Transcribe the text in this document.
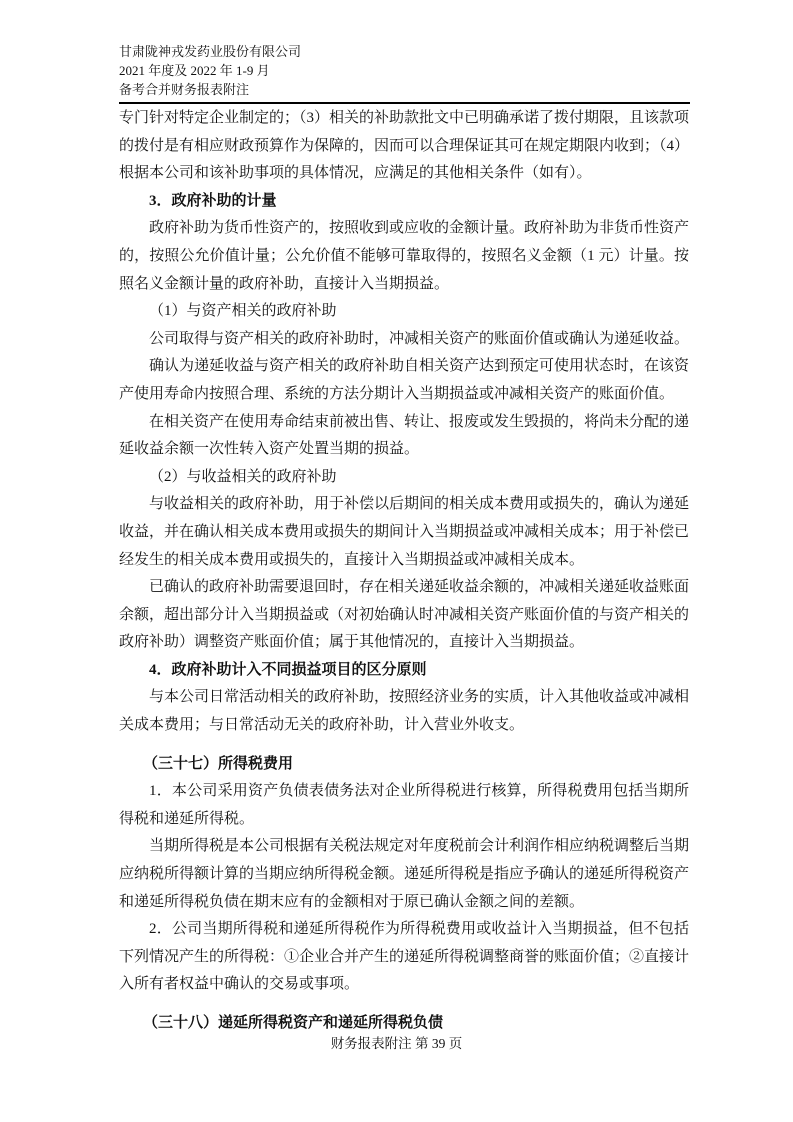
甘肃陇神戎发药业股份有限公司
2021 年度及 2022 年 1-9 月
备考合并财务报表附注

专门针对特定企业制定的；（3）相关的补助款批文中已明确承诺了拨付期限，且该款项的拨付是有相应财政预算作为保障的，因而可以合理保证其可在规定期限内收到；（4）根据本公司和该补助事项的具体情况，应满足的其他相关条件（如有）。

3．政府补助的计量

政府补助为货币性资产的，按照收到或应收的金额计量。政府补助为非货币性资产的，按照公允价值计量；公允价值不能够可靠取得的，按照名义金额（1 元）计量。按照名义金额计量的政府补助，直接计入当期损益。

（1）与资产相关的政府补助

公司取得与资产相关的政府补助时，冲减相关资产的账面价值或确认为递延收益。

确认为递延收益与资产相关的政府补助自相关资产达到预定可使用状态时，在该资产使用寿命内按照合理、系统的方法分期计入当期损益或冲减相关资产的账面价值。

在相关资产在使用寿命结束前被出售、转让、报废或发生毁损的，将尚未分配的递延收益余额一次性转入资产处置当期的损益。

（2）与收益相关的政府补助

与收益相关的政府补助，用于补偿以后期间的相关成本费用或损失的，确认为递延收益，并在确认相关成本费用或损失的期间计入当期损益或冲减相关成本；用于补偿已经发生的相关成本费用或损失的，直接计入当期损益或冲减相关成本。

已确认的政府补助需要退回时，存在相关递延收益余额的，冲减相关递延收益账面余额，超出部分计入当期损益或（对初始确认时冲减相关资产账面价值的与资产相关的政府补助）调整资产账面价值；属于其他情况的，直接计入当期损益。

4．政府补助计入不同损益项目的区分原则

与本公司日常活动相关的政府补助，按照经济业务的实质，计入其他收益或冲减相关成本费用；与日常活动无关的政府补助，计入营业外收支。

（三十七）所得税费用

1．本公司采用资产负债表债务法对企业所得税进行核算，所得税费用包括当期所得税和递延所得税。

当期所得税是本公司根据有关税法规定对年度税前会计利润作相应纳税调整后当期应纳税所得额计算的当期应纳所得税金额。递延所得税是指应予确认的递延所得税资产和递延所得税负债在期末应有的金额相对于原已确认金额之间的差额。

2．公司当期所得税和递延所得税作为所得税费用或收益计入当期损益，但不包括下列情况产生的所得税：①企业合并产生的递延所得税调整商誉的账面价值；②直接计入所有者权益中确认的交易或事项。

（三十八）递延所得税资产和递延所得税负债

财务报表附注 第 39 页
